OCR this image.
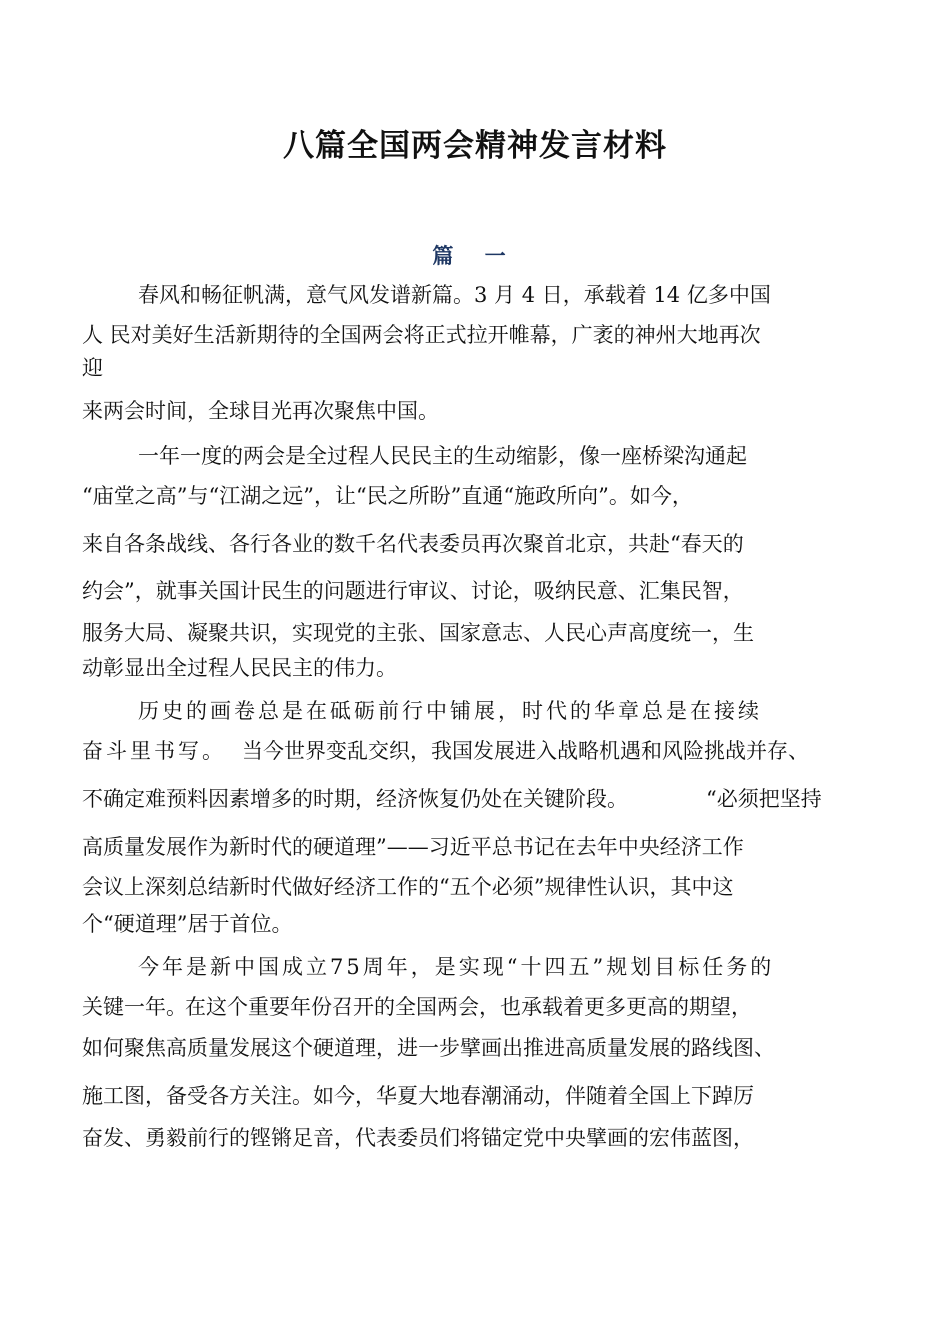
八篇全国两会精神发言材料
篇 一
春风和畅征帆满，意气风发谱新篇。3 月 4 日，承载着 14 亿多中国
人 民对美好生活新期待的全国两会将正式拉开帷幕，广袤的神州大地再次
迎
来两会时间，全球目光再次聚焦中国。
一年一度的两会是全过程人民民主的生动缩影，像一座桥梁沟通起
“庙堂之高”与“江湖之远”，让“民之所盼”直通“施政所向”。如今，
来自各条战线、各行各业的数千名代表委员再次聚首北京，共赴“春天的
约会”，就事关国计民生的问题进行审议、讨论，吸纳民意、汇集民智，
服务大局、凝聚共识，实现党的主张、国家意志、人民心声高度统一，生
动彰显出全过程人民民主的伟力。
历史的画卷总是在砥砺前行中铺展，时代的华章总是在接续
奋斗里书写。 当今世界变乱交织，我国发展进入战略机遇和风险挑战并存、
不确定难预料因素增多的时期，经济恢复仍处在关键阶段。	“必须把坚持
高质量发展作为新时代的硬道理”——习近平总书记在去年中央经济工作
会议上深刻总结新时代做好经济工作的“五个必须”规律性认识，其中这
个“硬道理”居于首位。
今年是新中国成立75周年，是实现“十四五”规划目标任务的
关键一年。
在这个重要年份召开的全国两会，也承载着更多更高的期望，
如何聚焦高质量发展这个硬道理，进一步擘画出推进高质量发展的路线图、
施工图，备受各方关注。如今，华夏大地春潮涌动，伴随着全国上下踔厉
奋发、勇毅前行的铿锵足音，代表委员们将锚定党中央擘画的宏伟蓝图，
